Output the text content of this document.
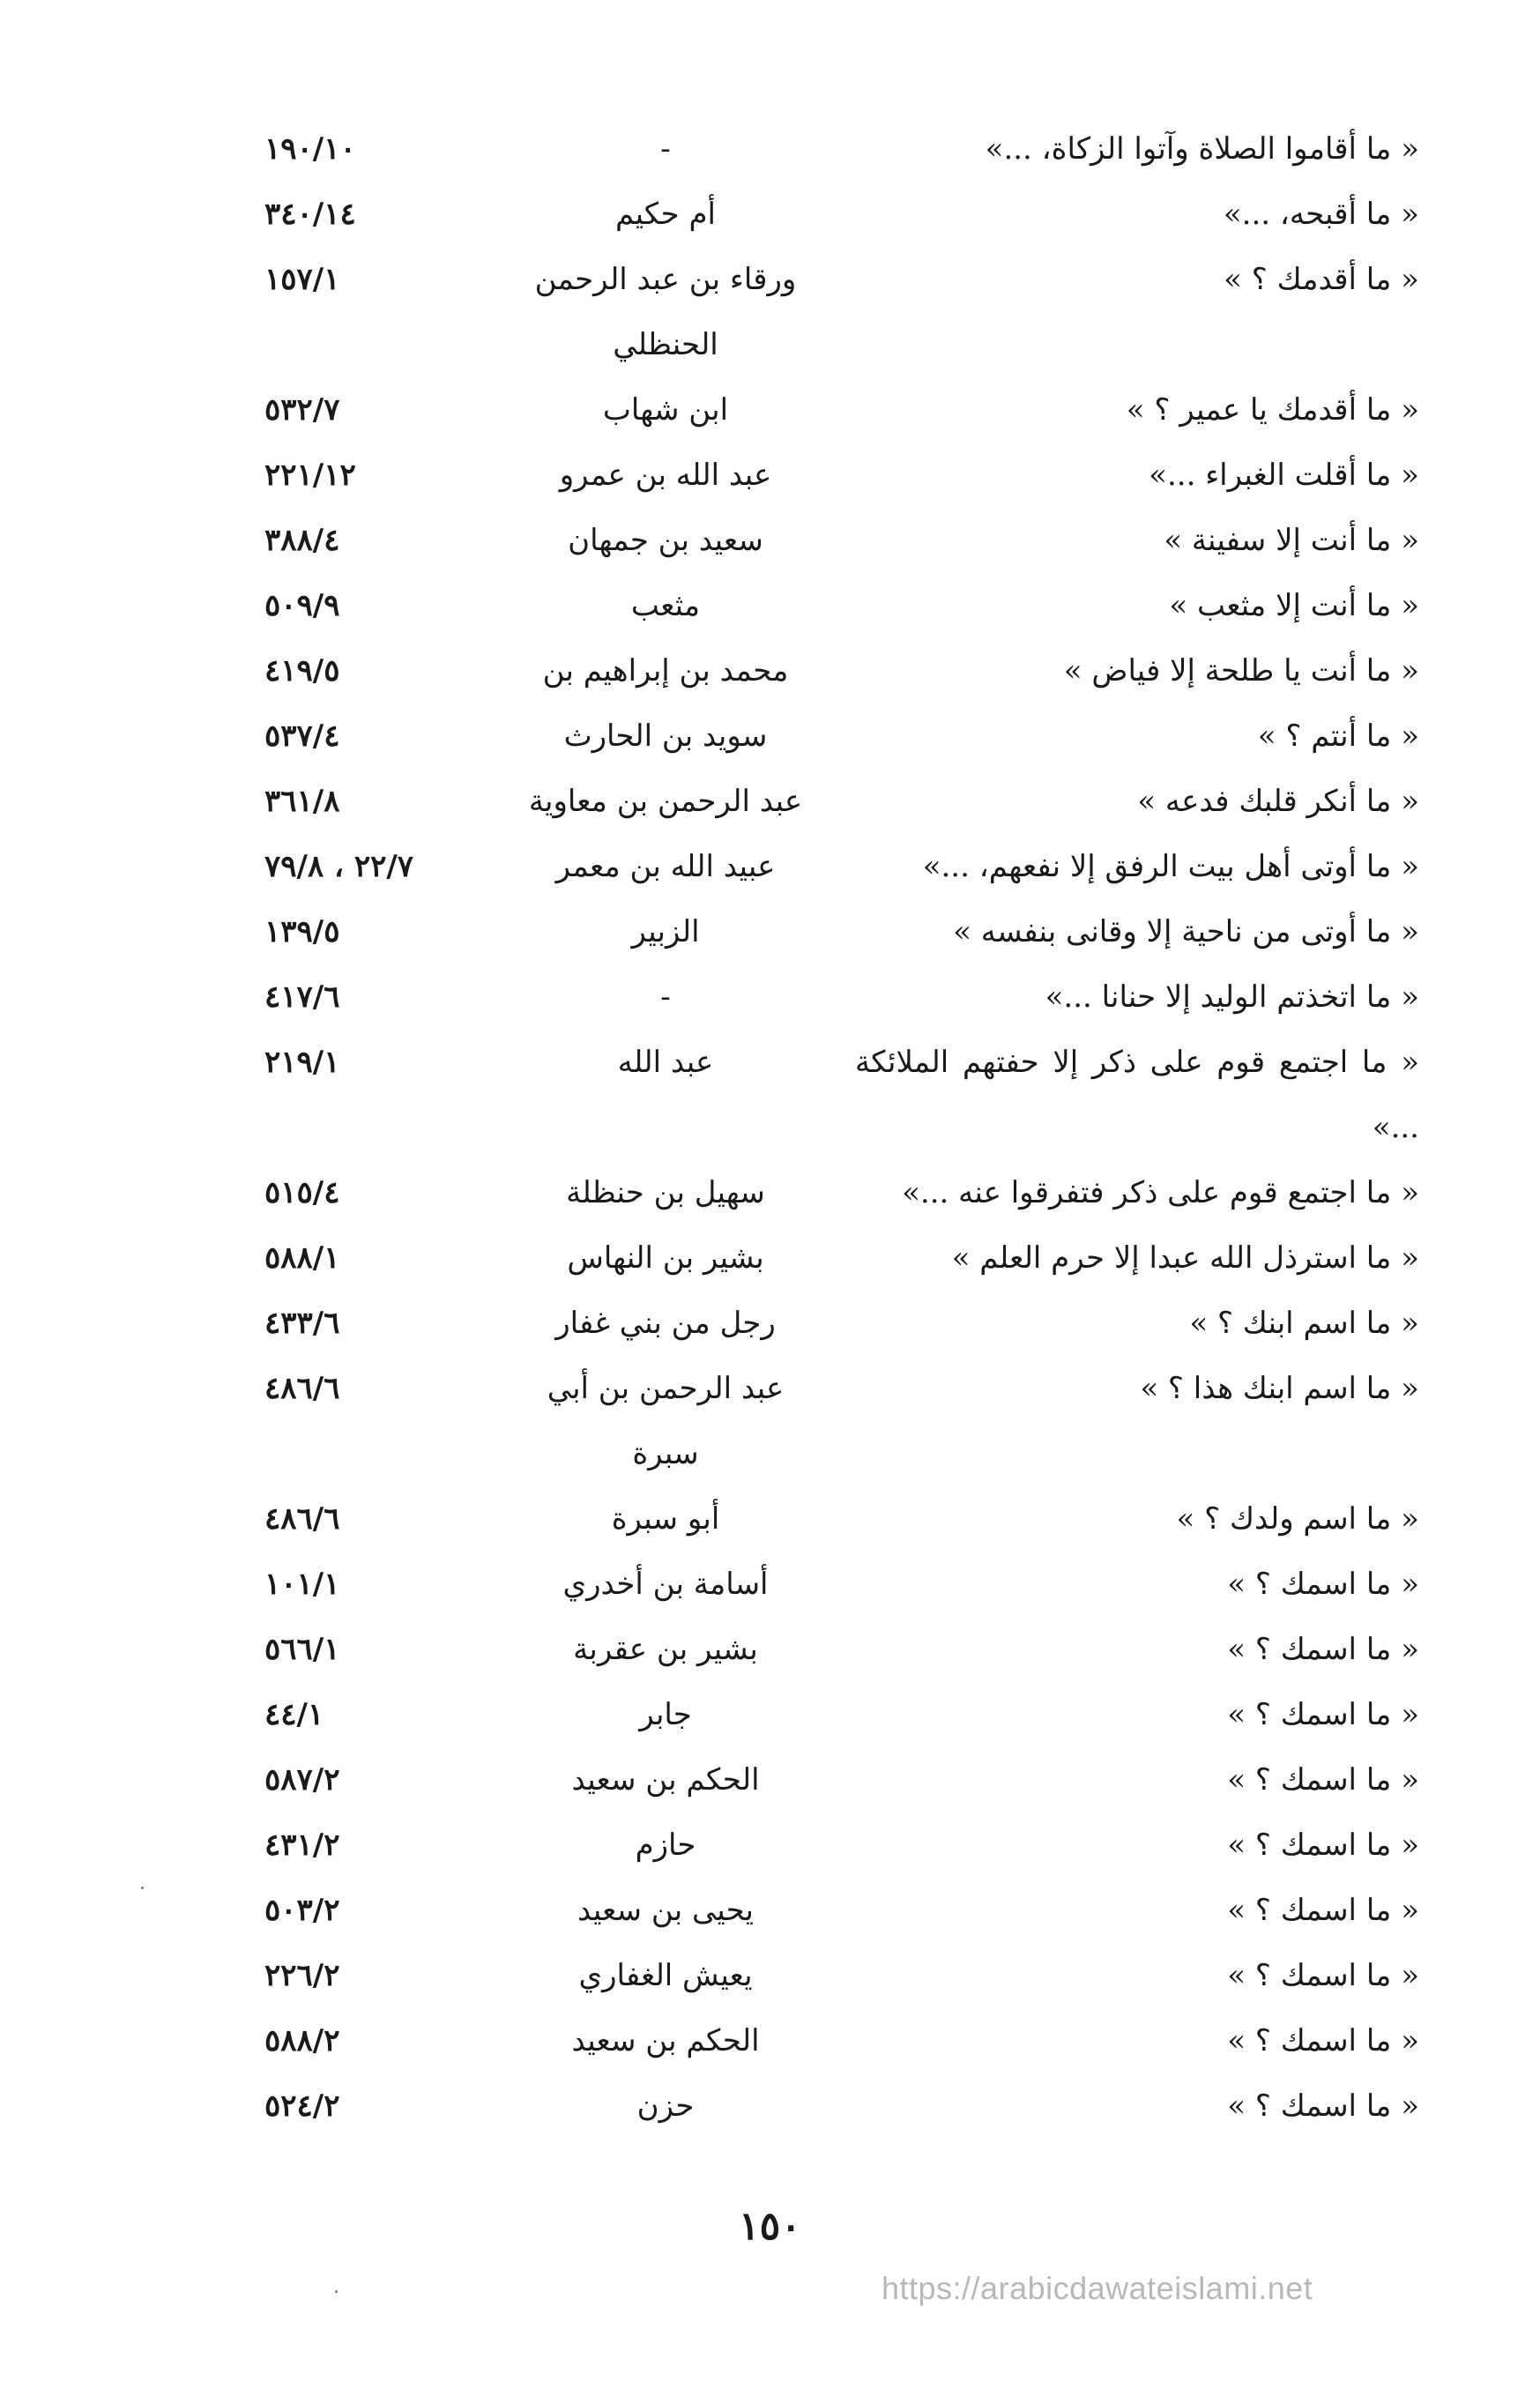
« ما أقاموا الصلاة وآتوا الزكاة، ...»
-
١٩٠/١٠
« ما أقبحه، ...»
أم حكيم
٣٤٠/١٤
« ما أقدمك ؟ »
ورقاء بن عبد الرحمن
١٥٧/١
الحنظلي
« ما أقدمك يا عمير ؟ »
ابن شهاب
٥٣٢/٧
« ما أقلت الغبراء ...»
عبد الله بن عمرو
٢٢١/١٢
« ما أنت إلا سفينة »
سعيد بن جمهان
٣٨٨/٤
« ما أنت إلا مثعب »
مثعب
٥٠٩/٩
« ما أنت يا طلحة إلا فياض »
محمد بن إبراهيم بن
٤١٩/٥
« ما أنتم ؟ »
سويد بن الحارث
٥٣٧/٤
« ما أنكر قلبك فدعه »
عبد الرحمن بن معاوية
٣٦١/٨
« ما أوتى أهل بيت الرفق إلا نفعهم، ...»
عبيد الله بن معمر
٢٢/٧ ، ٧٩/٨
« ما أوتى من ناحية إلا وقانى بنفسه »
الزبير
١٣٩/٥
« ما اتخذتم الوليد إلا حنانا ...»
-
٤١٧/٦
« ما اجتمع قوم على ذكر إلا حفتهم الملائكة ...»
عبد الله
٢١٩/١
« ما اجتمع قوم على ذكر فتفرقوا عنه ...»
سهيل بن حنظلة
٥١٥/٤
« ما استرذل الله عبدا إلا حرم العلم »
بشير بن النهاس
٥٨٨/١
« ما اسم ابنك ؟ »
رجل من بني غفار
٤٣٣/٦
« ما اسم ابنك هذا ؟ »
عبد الرحمن بن أبي
٤٨٦/٦
سبرة
« ما اسم ولدك ؟ »
أبو سبرة
٤٨٦/٦
« ما اسمك ؟ »
أسامة بن أخدري
١٠١/١
« ما اسمك ؟ »
بشير بن عقربة
٥٦٦/١
« ما اسمك ؟ »
جابر
٤٤/١
« ما اسمك ؟ »
الحكم بن سعيد
٥٨٧/٢
« ما اسمك ؟ »
حازم
٤٣١/٢
« ما اسمك ؟ »
يحيى بن سعيد
٥٠٣/٢
« ما اسمك ؟ »
يعيش الغفاري
٢٢٦/٢
« ما اسمك ؟ »
الحكم بن سعيد
٥٨٨/٢
« ما اسمك ؟ »
حزن
٥٢٤/٢
١٥٠
https://arabicdawateislami.net
